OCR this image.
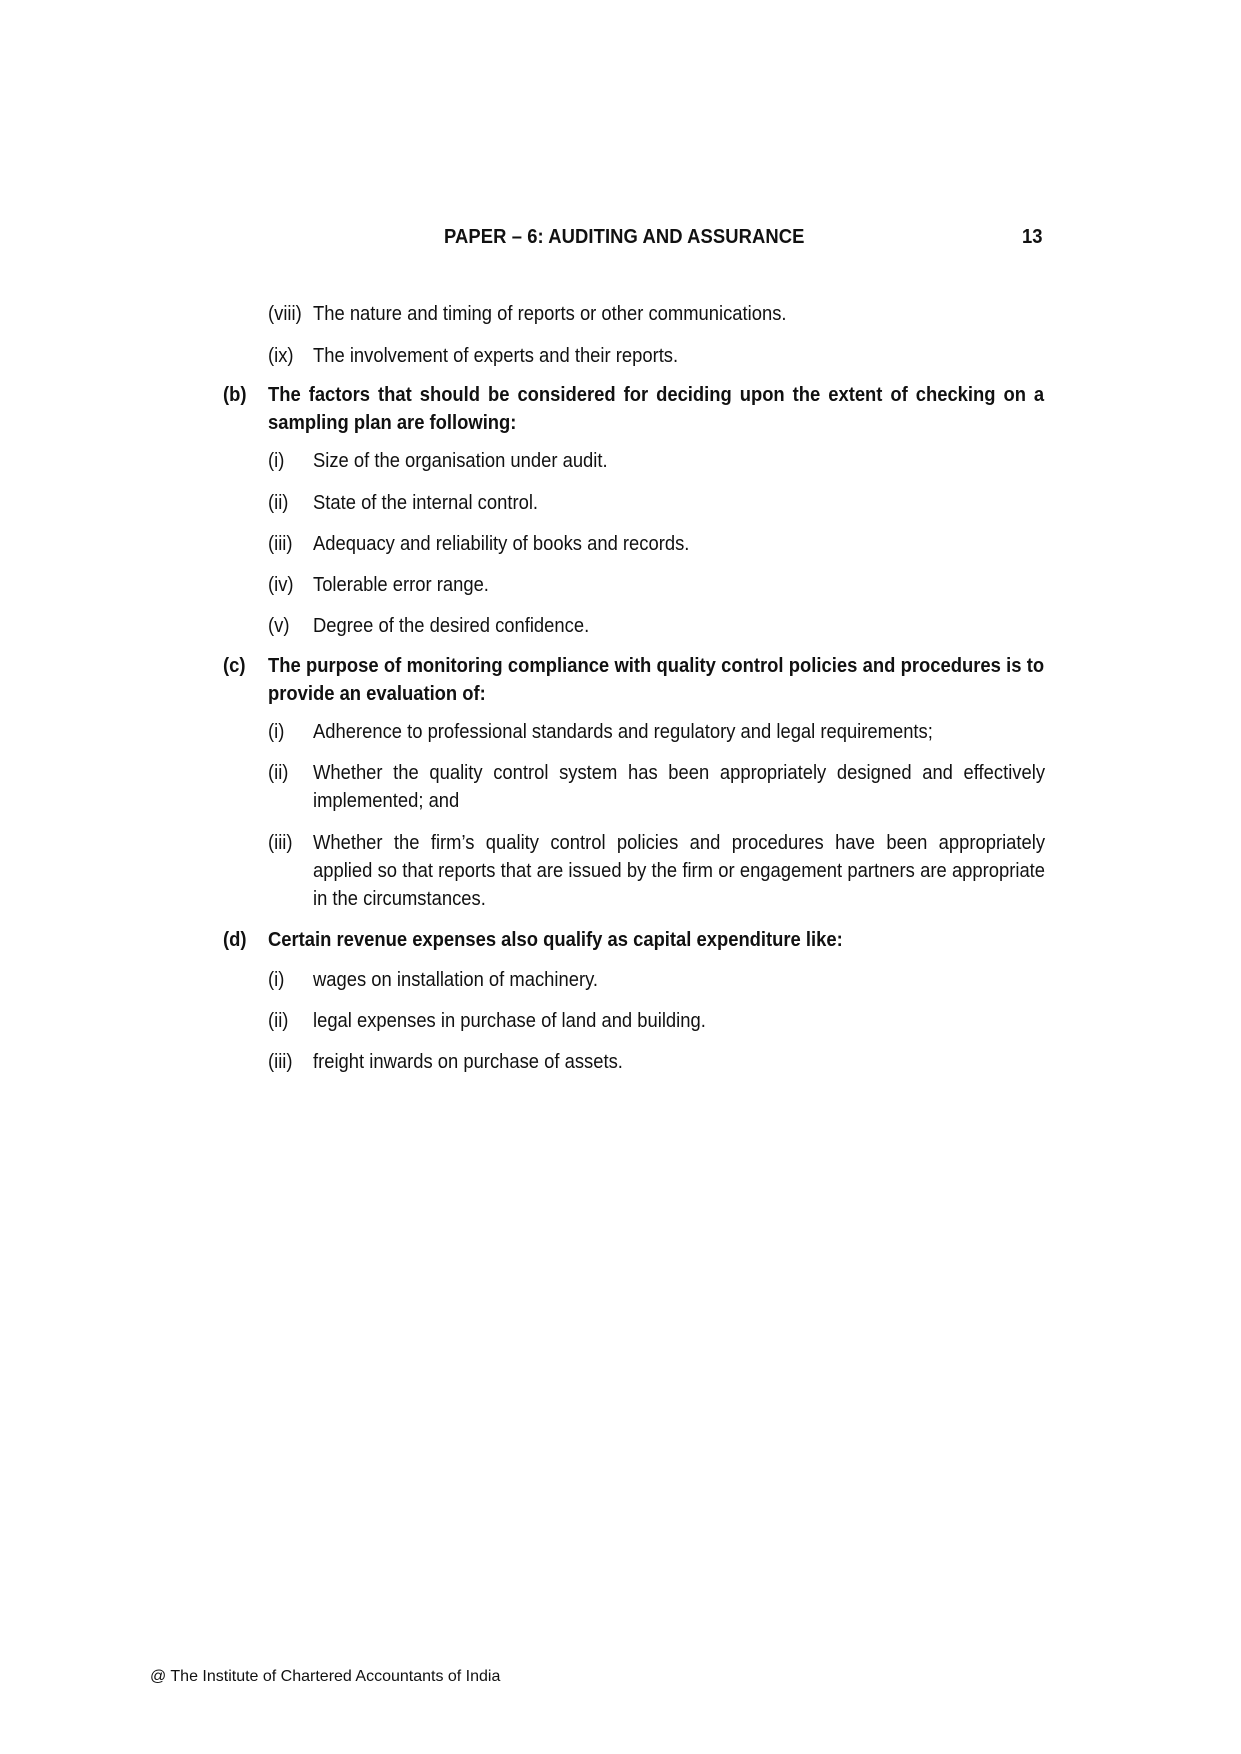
PAPER – 6: AUDITING AND ASSURANCE	13
(viii) The nature and timing of reports or other communications.
(ix) The involvement of experts and their reports.
(b) The factors that should be considered for deciding upon the extent of checking on a sampling plan are following:
(i) Size of the organisation under audit.
(ii) State of the internal control.
(iii) Adequacy and reliability of books and records.
(iv) Tolerable error range.
(v) Degree of the desired confidence.
(c) The purpose of monitoring compliance with quality control policies and procedures is to provide an evaluation of:
(i) Adherence to professional standards and regulatory and legal requirements;
(ii) Whether the quality control system has been appropriately designed and effectively implemented; and
(iii) Whether the firm’s quality control policies and procedures have been appropriately applied so that reports that are issued by the firm or engagement partners are appropriate in the circumstances.
(d) Certain revenue expenses also qualify as capital expenditure like:
(i) wages on installation of machinery.
(ii) legal expenses in purchase of land and building.
(iii) freight inwards on purchase of assets.
@ The Institute of Chartered Accountants of India
